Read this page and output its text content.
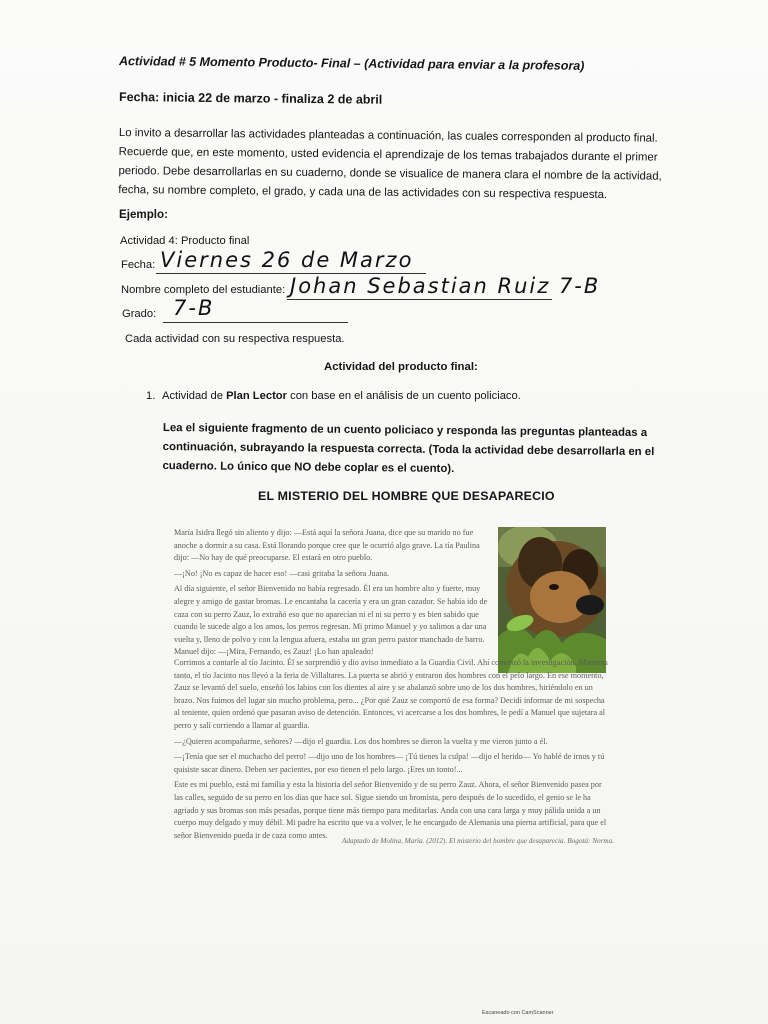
Actividad # 5 Momento Producto- Final – (Actividad para enviar a la profesora)
Fecha: inicia 22 de marzo - finaliza 2 de abril
Lo invito a desarrollar las actividades planteadas a continuación, las cuales corresponden al producto final. Recuerde que, en este momento, usted evidencia el aprendizaje de los temas trabajados durante el primer periodo. Debe desarrollarlas en su cuaderno, donde se visualice de manera clara el nombre de la actividad, fecha, su nombre completo, el grado, y cada una de las actividades con su respectiva respuesta.
Ejemplo:
Actividad 4: Producto final
Fecha: Viernes 26 de Marzo
Nombre completo del estudiante: Johan Sebastian Ruiz 7-B
Grado: 7-B
Cada actividad con su respectiva respuesta.
Actividad del producto final:
1. Actividad de Plan Lector con base en el análisis de un cuento policiaco.
Lea el siguiente fragmento de un cuento policiaco y responda las preguntas planteadas a continuación, subrayando la respuesta correcta. (Toda la actividad debe desarrollarla en el cuaderno. Lo único que NO debe coplar es el cuento).
EL MISTERIO DEL HOMBRE QUE DESAPARECIO

María Isidra llegó sin aliento y dijo: —Está aquí la señora Juana, dice que su marido no fue anoche a dormir a su casa. Está llorando porque cree que le ocurrió algo grave. La tía Paulina dijo: —No hay de qué preocuparse. El estará en otro pueblo.

—¡No! ¡No es capaz de hacer eso! —casi gritaba la señora Juana.

Al día siguiente, el señor Bienvenido no había regresado. Él era un hombre alto y fuerte, muy alegre y amigo de gastar bromas. Le encantaba la cacería y era un gran cazador. Se había ido de caza con su perro Zauz, lo extrañó eso que no aparecían ni el ni su perro y es bien sabido que cuando le sucede algo a los amos, los perros regresan. Mi primo Manuel y yo salimos a dar una vuelta y, lleno de polvo y con la lengua afuera, estaba un gran perro pastor manchado de barro. Manuel dijo: —¡Mira, Fernando, es Zauz! ¡Lo han apaleado!

Corrimos a contarle al tío Jacinto. Él se sorprendió y dio aviso inmediato a la Guardia Civil. Ahí comenzó la investigación. Mientras tanto, el tío Jacinto nos llevó a la feria de Villaltares. La puerta se abrió y entraron dos hombres con el pelo largo. En ese momento, Zauz se levantó del suelo, enseñó los labios con los dientes al aire y se abalanzó sobre uno de los dos hombres, hiriéndolo en un brazo. Nos fuimos del lugar sin mucho problema, pero... ¿Por qué Zauz se comportó de esa forma? Decidí informar de mi sospecha al teniente, quien ordenó que pasaran aviso de detención. Entonces, vi acercarse a los dos hombres, le pedí a Manuel que sujetara al perro y salí corriendo a llamar al guardia.

—¿Quieren acompañarme, señores? —dijo el guardia. Los dos hombres se dieron la vuelta y me vieron junto a él.

—¡Tenía que ser el muchacho del perro! —dijo uno de los hombres— ¡Tú tienes la culpa! —dijo el herido— Yo hablé de irnos y tú quisiste sacar dinero. Deben ser pacientes, por eso tienen el pelo largo. ¡Eres un tonto!...

Este es mi pueblo, está mi familia y esta la historia del señor Bienvenido y de su perro Zauz. Ahora, el señor Bienvenido pasea por las calles, seguido de su perro en los días que hace sol. Sigue siendo un bromista, pero después de lo sucedido, el genio se le ha agriado y sus bromas son más pesadas, porque tiene más tiempo para meditarlas. Anda con una cara larga y muy pálida unida a un cuerpo muy delgado y muy débil. Mi padre ha escrito que va a volver, le he encargado de Alemania una pierna artificial, para que el señor Bienvenido pueda ir de caza como antes.

Adaptado de Molina, María. (2012). El misterio del hombre que desaparecía. Bogotá: Norma.
Escaneado con CamScanner
